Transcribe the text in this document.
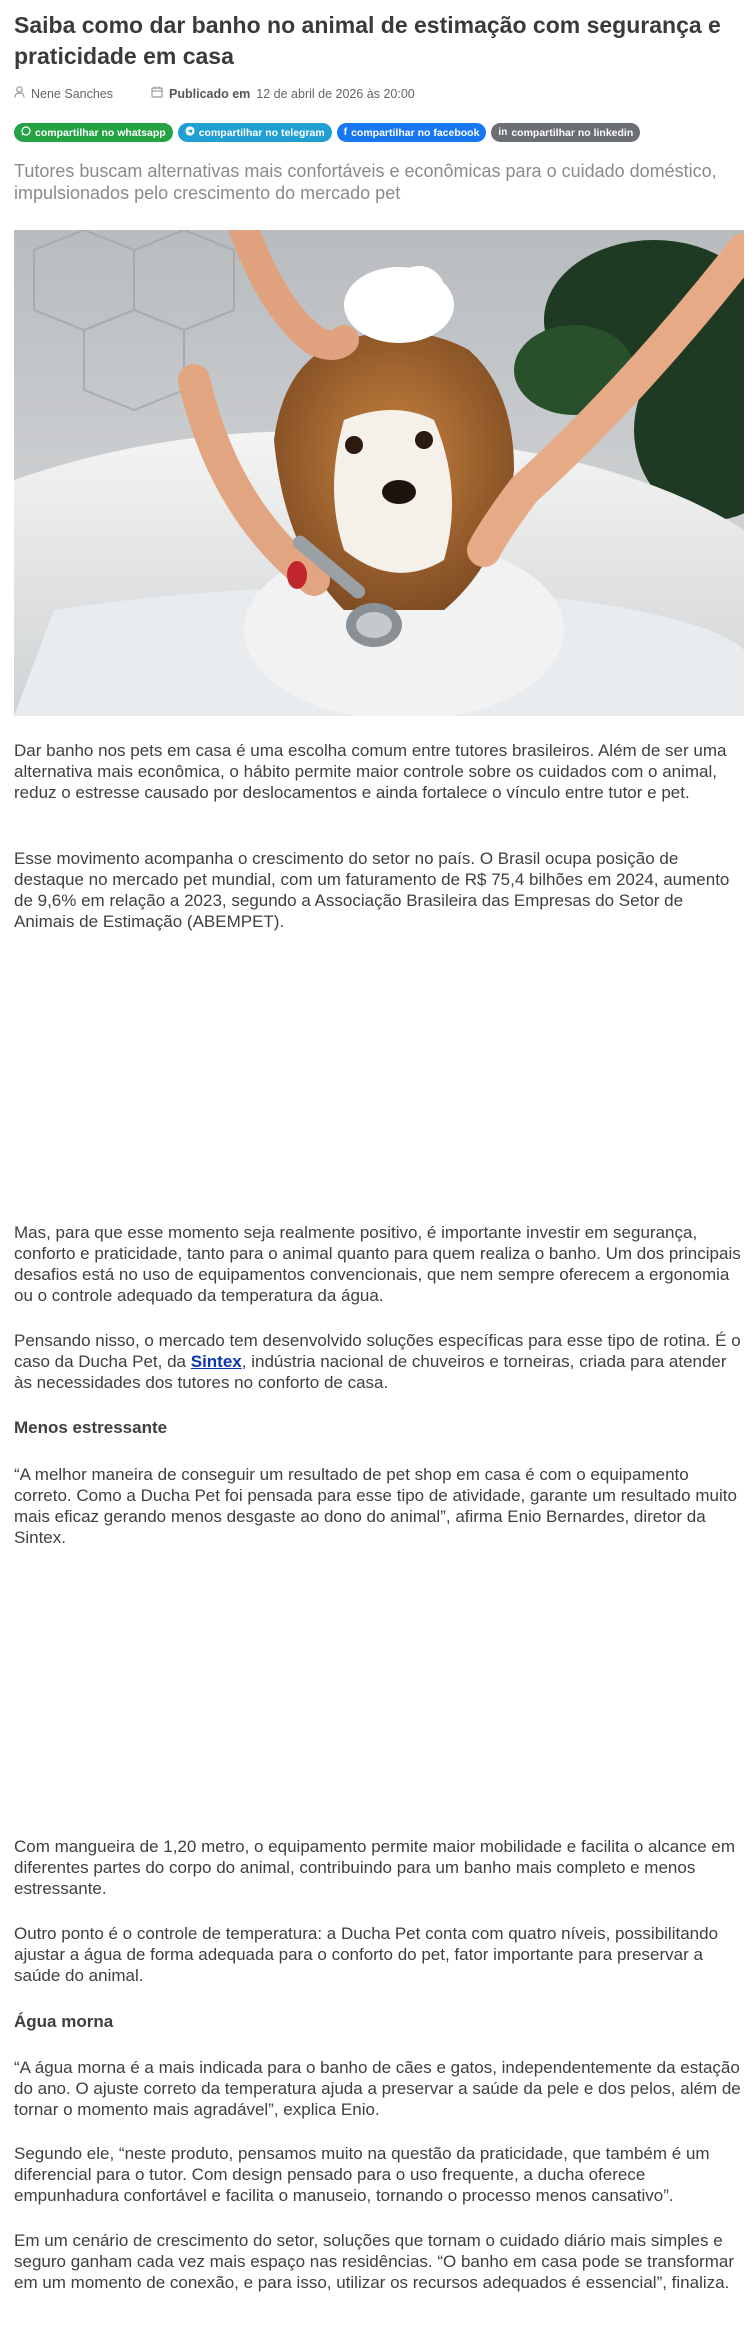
Saiba como dar banho no animal de estimação com segurança e praticidade em casa
Nene Sanches	Publicado em 12 de abril de 2026 às 20:00
compartilhar no whatsapp	compartilhar no telegram f compartilhar no facebook in compartilhar no linkedin
Tutores buscam alternativas mais confortáveis e econômicas para o cuidado doméstico, impulsionados pelo crescimento do mercado pet
Dar banho nos pets em casa é uma escolha comum entre tutores brasileiros. Além de ser uma alternativa mais econômica, o hábito permite maior controle sobre os cuidados com o animal, reduz o estresse causado por deslocamentos e ainda fortalece o vínculo entre tutor e pet.
Esse movimento acompanha o crescimento do setor no país. O Brasil ocupa posição de destaque no mercado pet mundial, com um faturamento de R$ 75,4 bilhões em 2024, aumento de 9,6% em relação a 2023, segundo a Associação Brasileira das Empresas do Setor de Animais de Estimação (ABEMPET).
Mas, para que esse momento seja realmente positivo, é importante investir em segurança, conforto e praticidade, tanto para o animal quanto para quem realiza o banho. Um dos principais desafios está no uso de equipamentos convencionais, que nem sempre oferecem a ergonomia ou o controle adequado da temperatura da água.
Pensando nisso, o mercado tem desenvolvido soluções específicas para esse tipo de rotina. É o caso da Ducha Pet, da Sintex, indústria nacional de chuveiros e torneiras, criada para atender às necessidades dos tutores no conforto de casa.
Menos estressante
“A melhor maneira de conseguir um resultado de pet shop em casa é com o equipamento correto. Como a Ducha Pet foi pensada para esse tipo de atividade, garante um resultado muito mais eficaz gerando menos desgaste ao dono do animal”, afirma Enio Bernardes, diretor da Sintex.
Com mangueira de 1,20 metro, o equipamento permite maior mobilidade e facilita o alcance em diferentes partes do corpo do animal, contribuindo para um banho mais completo e menos estressante.
Outro ponto é o controle de temperatura: a Ducha Pet conta com quatro níveis, possibilitando ajustar a água de forma adequada para o conforto do pet, fator importante para preservar a saúde do animal.
Água morna
“A água morna é a mais indicada para o banho de cães e gatos, independentemente da estação do ano. O ajuste correto da temperatura ajuda a preservar a saúde da pele e dos pelos, além de tornar o momento mais agradável”, explica Enio.
Segundo ele, “neste produto, pensamos muito na questão da praticidade, que também é um diferencial para o tutor. Com design pensado para o uso frequente, a ducha oferece empunhadura confortável e facilita o manuseio, tornando o processo menos cansativo”.
Em um cenário de crescimento do setor, soluções que tornam o cuidado diário mais simples e seguro ganham cada vez mais espaço nas residências. “O banho em casa pode se transformar em um momento de conexão, e para isso, utilizar os recursos adequados é essencial”, finaliza.
